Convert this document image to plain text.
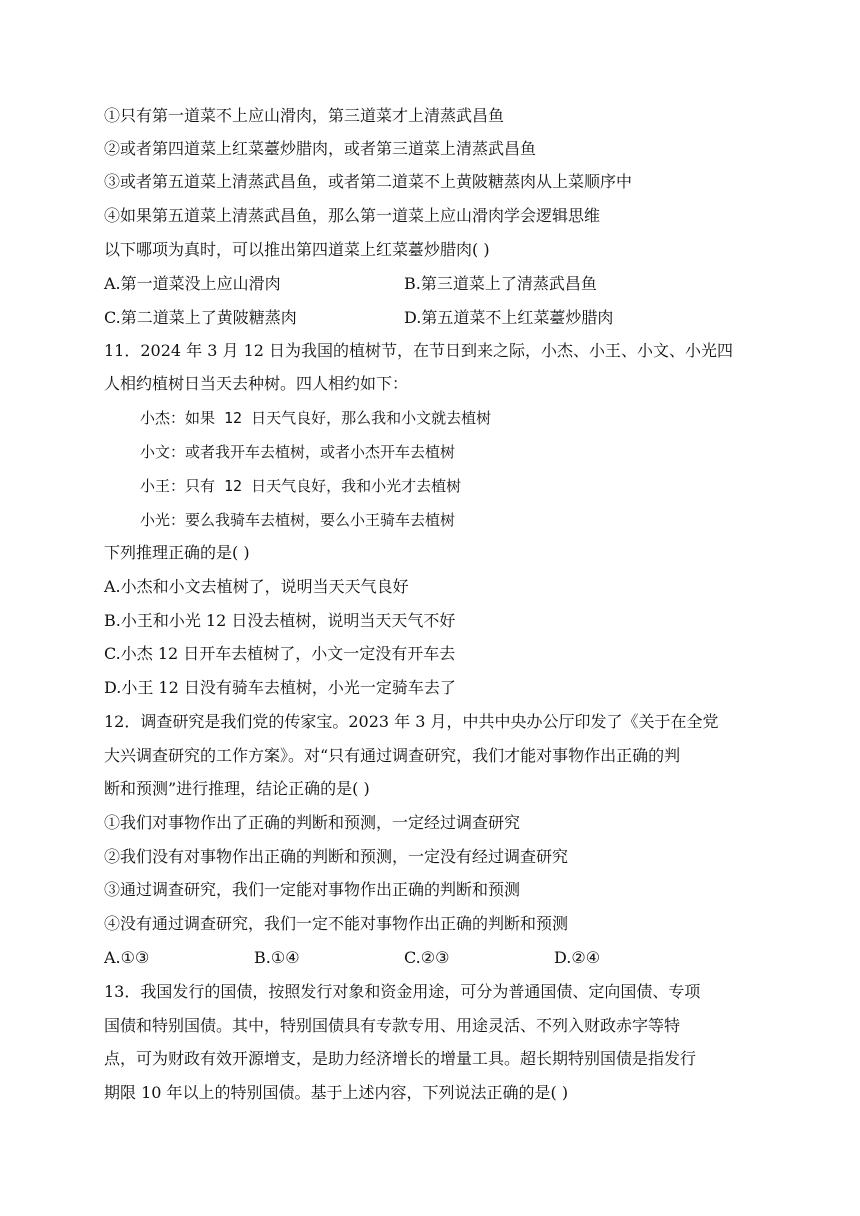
①只有第一道菜不上应山滑肉，第三道菜才上清蒸武昌鱼
②或者第四道菜上红菜薹炒腊肉，或者第三道菜上清蒸武昌鱼
③或者第五道菜上清蒸武昌鱼，或者第二道菜不上黄陂糖蒸肉从上菜顺序中
④如果第五道菜上清蒸武昌鱼，那么第一道菜上应山滑肉学会逻辑思维
以下哪项为真时，可以推出第四道菜上红菜薹炒腊肉( )
A.第一道菜没上应山滑肉	B.第三道菜上了清蒸武昌鱼
C.第二道菜上了黄陂糖蒸肉	D.第五道菜不上红菜薹炒腊肉
11．2024 年 3 月 12 日为我国的植树节，在节日到来之际，小杰、小王、小文、小光四
人相约植树日当天去种树。四人相约如下：
小杰：如果 12 日天气良好，那么我和小文就去植树
小文：或者我开车去植树，或者小杰开车去植树
小王：只有 12 日天气良好，我和小光才去植树
小光：要么我骑车去植树，要么小王骑车去植树
下列推理正确的是( )
A.小杰和小文去植树了，说明当天天气良好
B.小王和小光 12 日没去植树，说明当天天气不好
C.小杰 12 日开车去植树了，小文一定没有开车去
D.小王 12 日没有骑车去植树，小光一定骑车去了
12．调查研究是我们党的传家宝。2023 年 3 月，中共中央办公厅印发了《关于在全党
大兴调查研究的工作方案》。对“只有通过调查研究，我们才能对事物作出正确的判
断和预测”进行推理，结论正确的是( )
①我们对事物作出了正确的判断和预测，一定经过调查研究
②我们没有对事物作出正确的判断和预测，一定没有经过调查研究
③通过调查研究，我们一定能对事物作出正确的判断和预测
④没有通过调查研究，我们一定不能对事物作出正确的判断和预测
A.①③	B.①④	C.②③	D.②④
13．我国发行的国债，按照发行对象和资金用途，可分为普通国债、定向国债、专项
国债和特别国债。其中，特别国债具有专款专用、用途灵活、不列入财政赤字等特
点，可为财政有效开源增支，是助力经济增长的增量工具。超长期特别国债是指发行
期限 10 年以上的特别国债。基于上述内容，下列说法正确的是( )
